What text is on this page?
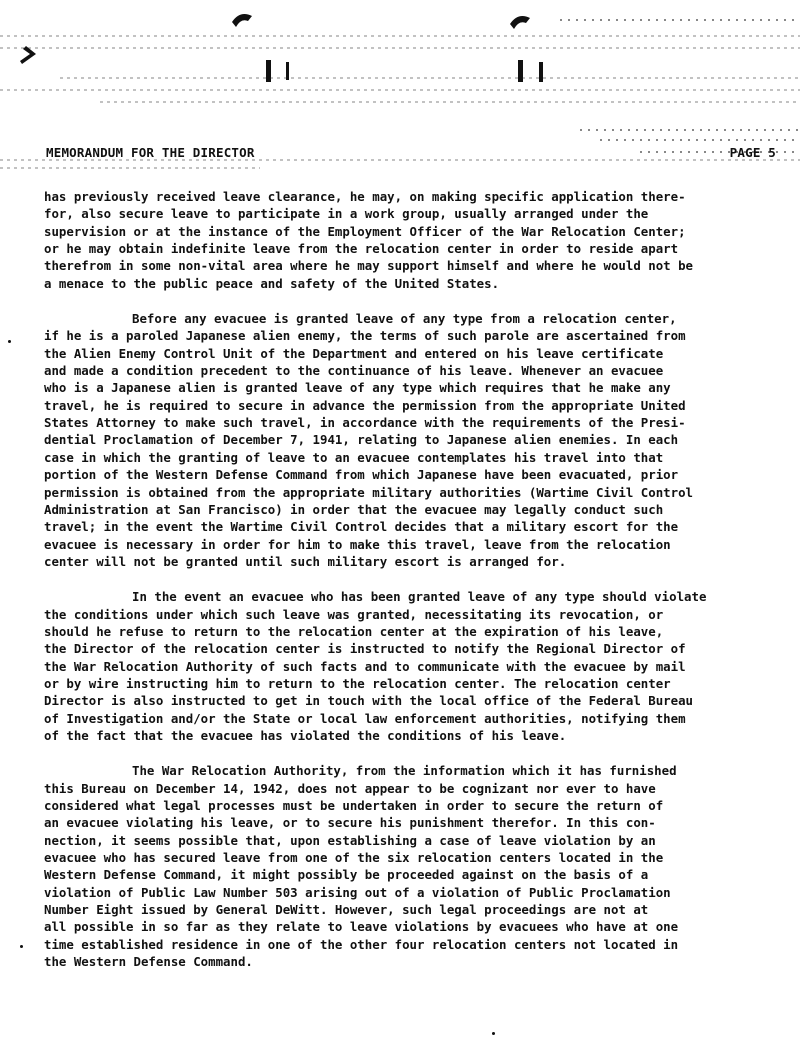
MEMORANDUM FOR THE DIRECTOR	PAGE 5
has previously received leave clearance, he may, on making specific application there-
for, also secure leave to participate in a work group, usually arranged under the
supervision or at the instance of the Employment Officer of the War Relocation Center;
or he may obtain indefinite leave from the relocation center in order to reside apart
therefrom in some non-vital area where he may support himself and where he would not be
a menace to the public peace and safety of the United States.
Before any evacuee is granted leave of any type from a relocation center,
if he is a paroled Japanese alien enemy, the terms of such parole are ascertained from
the Alien Enemy Control Unit of the Department and entered on his leave certificate
and made a condition precedent to the continuance of his leave. Whenever an evacuee
who is a Japanese alien is granted leave of any type which requires that he make any
travel, he is required to secure in advance the permission from the appropriate United
States Attorney to make such travel, in accordance with the requirements of the Presi-
dential Proclamation of December 7, 1941, relating to Japanese alien enemies. In each
case in which the granting of leave to an evacuee contemplates his travel into that
portion of the Western Defense Command from which Japanese have been evacuated, prior
permission is obtained from the appropriate military authorities (Wartime Civil Control
Administration at San Francisco) in order that the evacuee may legally conduct such
travel; in the event the Wartime Civil Control decides that a military escort for the
evacuee is necessary in order for him to make this travel, leave from the relocation
center will not be granted until such military escort is arranged for.
In the event an evacuee who has been granted leave of any type should violate
the conditions under which such leave was granted, necessitating its revocation, or
should he refuse to return to the relocation center at the expiration of his leave,
the Director of the relocation center is instructed to notify the Regional Director of
the War Relocation Authority of such facts and to communicate with the evacuee by mail
or by wire instructing him to return to the relocation center. The relocation center
Director is also instructed to get in touch with the local office of the Federal Bureau
of Investigation and/or the State or local law enforcement authorities, notifying them
of the fact that the evacuee has violated the conditions of his leave.
The War Relocation Authority, from the information which it has furnished
this Bureau on December 14, 1942, does not appear to be cognizant nor ever to have
considered what legal processes must be undertaken in order to secure the return of
an evacuee violating his leave, or to secure his punishment therefor. In this con-
nection, it seems possible that, upon establishing a case of leave violation by an
evacuee who has secured leave from one of the six relocation centers located in the
Western Defense Command, it might possibly be proceeded against on the basis of a
violation of Public Law Number 503 arising out of a violation of Public Proclamation
Number Eight issued by General DeWitt. However, such legal proceedings are not at
all possible in so far as they relate to leave violations by evacuees who have at one
time established residence in one of the other four relocation centers not located in
the Western Defense Command.
